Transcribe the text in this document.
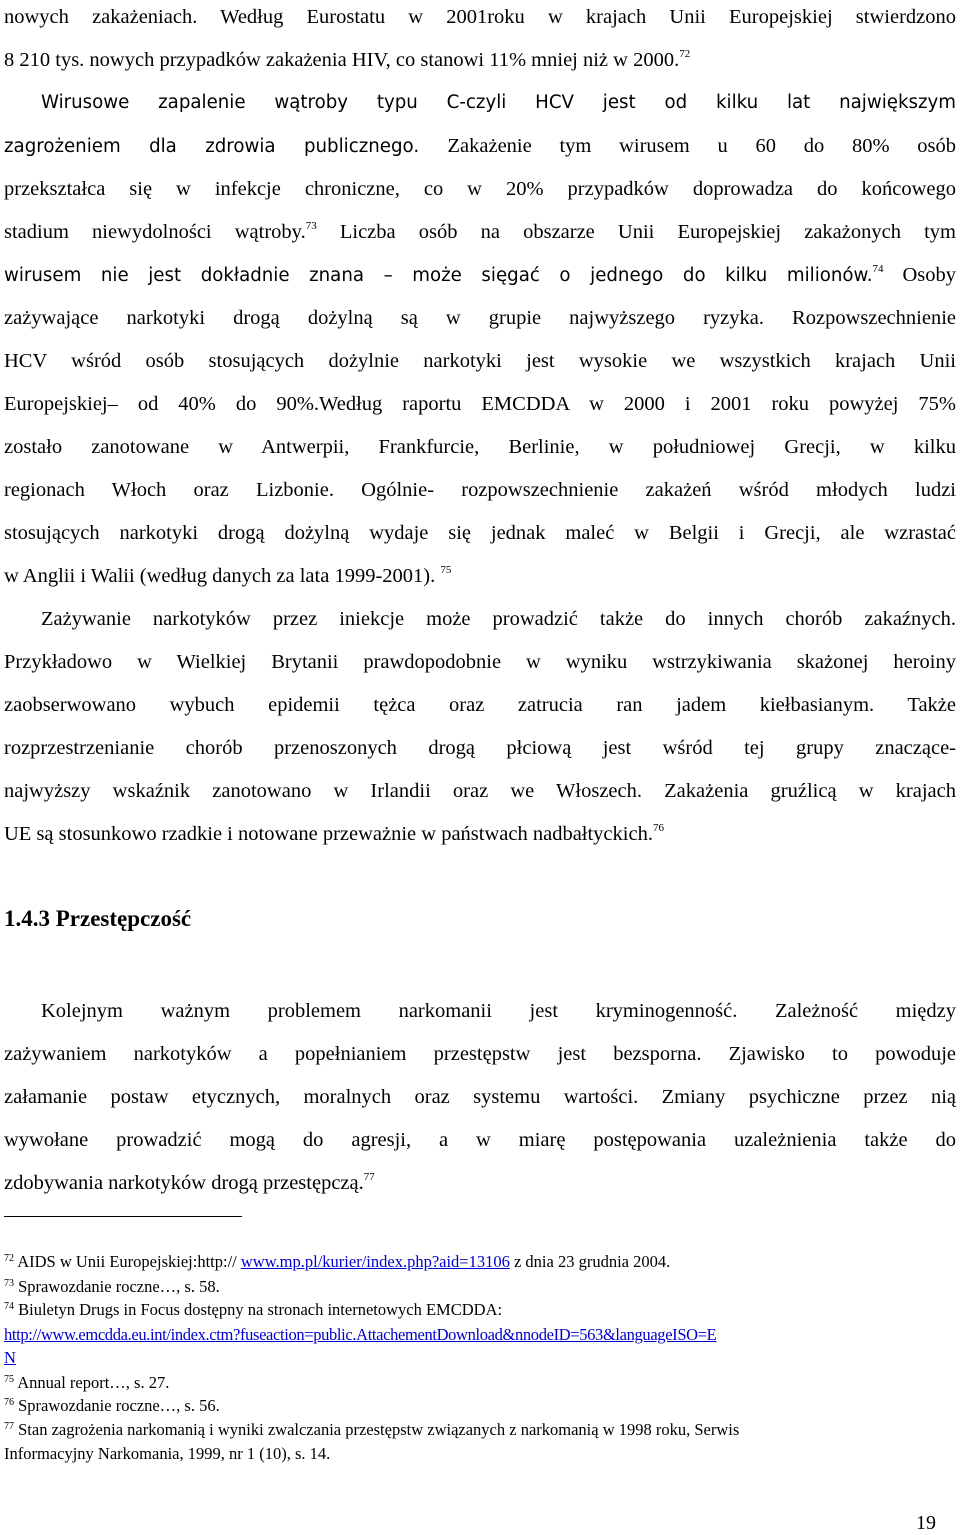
nowych zakażeniach. Według Eurostatu w 2001roku w krajach Unii Europejskiej stwierdzono
8 210 tys. nowych przypadków zakażenia HIV, co stanowi 11% mniej niż w 2000.72
Wirusowe zapalenie wątroby typu C-czyli HCV jest od kilku lat największym
zagrożeniem dla zdrowia publicznego. Zakażenie tym wirusem u 60 do 80% osób
przekształca się w infekcje chroniczne, co w 20% przypadków doprowadza do końcowego
stadium niewydolności wątroby.$^{73}$ Liczba osób na obszarze Unii Europejskiej zakażonych tym
wirusem nie jest dokładnie znana – może sięgać o jednego do kilku milionów.$^{74}$ Osoby
zażywające narkotyki drogą dożylną są w grupie najwyższego ryzyka. Rozpowszechnienie
HCV wśród osób stosujących dożylnie narkotyki jest wysokie we wszystkich krajach Unii
Europejskiej– od 40% do 90%.Według raportu EMCDDA w 2000 i 2001 roku powyżej 75%
zostało zanotowane w Antwerpii, Frankfurcie, Berlinie, w południowej Grecji, w kilku
regionach Włoch oraz Lizbonie. Ogólnie- rozpowszechnienie zakażeń wśród młodych ludzi
stosujących narkotyki drogą dożylną wydaje się jednak maleć w Belgii i Grecji, ale wzrastać
w Anglii i Walii (według danych za lata 1999-2001). $^{75}$
Zażywanie narkotyków przez iniekcje może prowadzić także do innych chorób zakaźnych.
Przykładowo w Wielkiej Brytanii prawdopodobnie w wyniku wstrzykiwania skażonej heroiny
zaobserwowano wybuch epidemii tężca oraz zatrucia ran jadem kiełbasianym. Także
rozprzestrzenianie chorób przenoszonych drogą płciową jest wśród tej grupy znaczące-
najwyższy wskaźnik zanotowano w Irlandii oraz we Włoszech. Zakażenia gruźlicą w krajach
UE są stosunkowo rzadkie i notowane przeważnie w państwach nadbałtyckich.$^{76}$
1.4.3 Przestępczość
Kolejnym ważnym problemem narkomanii jest kryminogenność. Zależność między
zażywaniem narkotyków a popełnianiem przestępstw jest bezsporna. Zjawisko to powoduje
załamanie postaw etycznych, moralnych oraz systemu wartości. Zmiany psychiczne przez nią
wywołane prowadzić mogą do agresji, a w miarę postępowania uzależnienia także do
zdobywania narkotyków drogą przestępczą.$^{77}$
$^{72}$ AIDS w Unii Europejskiej:http:// www.mp.pl/kurier/index.php?aid=13106 z dnia 23 grudnia 2004.
$^{73}$ Sprawozdanie roczne…, s. 58.
$^{74}$ Biuletyn Drugs in Focus dostępny na stronach internetowych EMCDDA:
http://www.emcdda.eu.int/index.ctm?fuseaction=public.AttachementDownload&nnodeID=563&languageISO=E
N
$^{75}$ Annual report…, s. 27.
$^{76}$ Sprawozdanie roczne…, s. 56.
$^{77}$ Stan zagrożenia narkomanią i wyniki zwalczania przestępstw związanych z narkomanią w 1998 roku, Serwis
Informacyjny Narkomania, 1999, nr 1 (10), s. 14.
19
